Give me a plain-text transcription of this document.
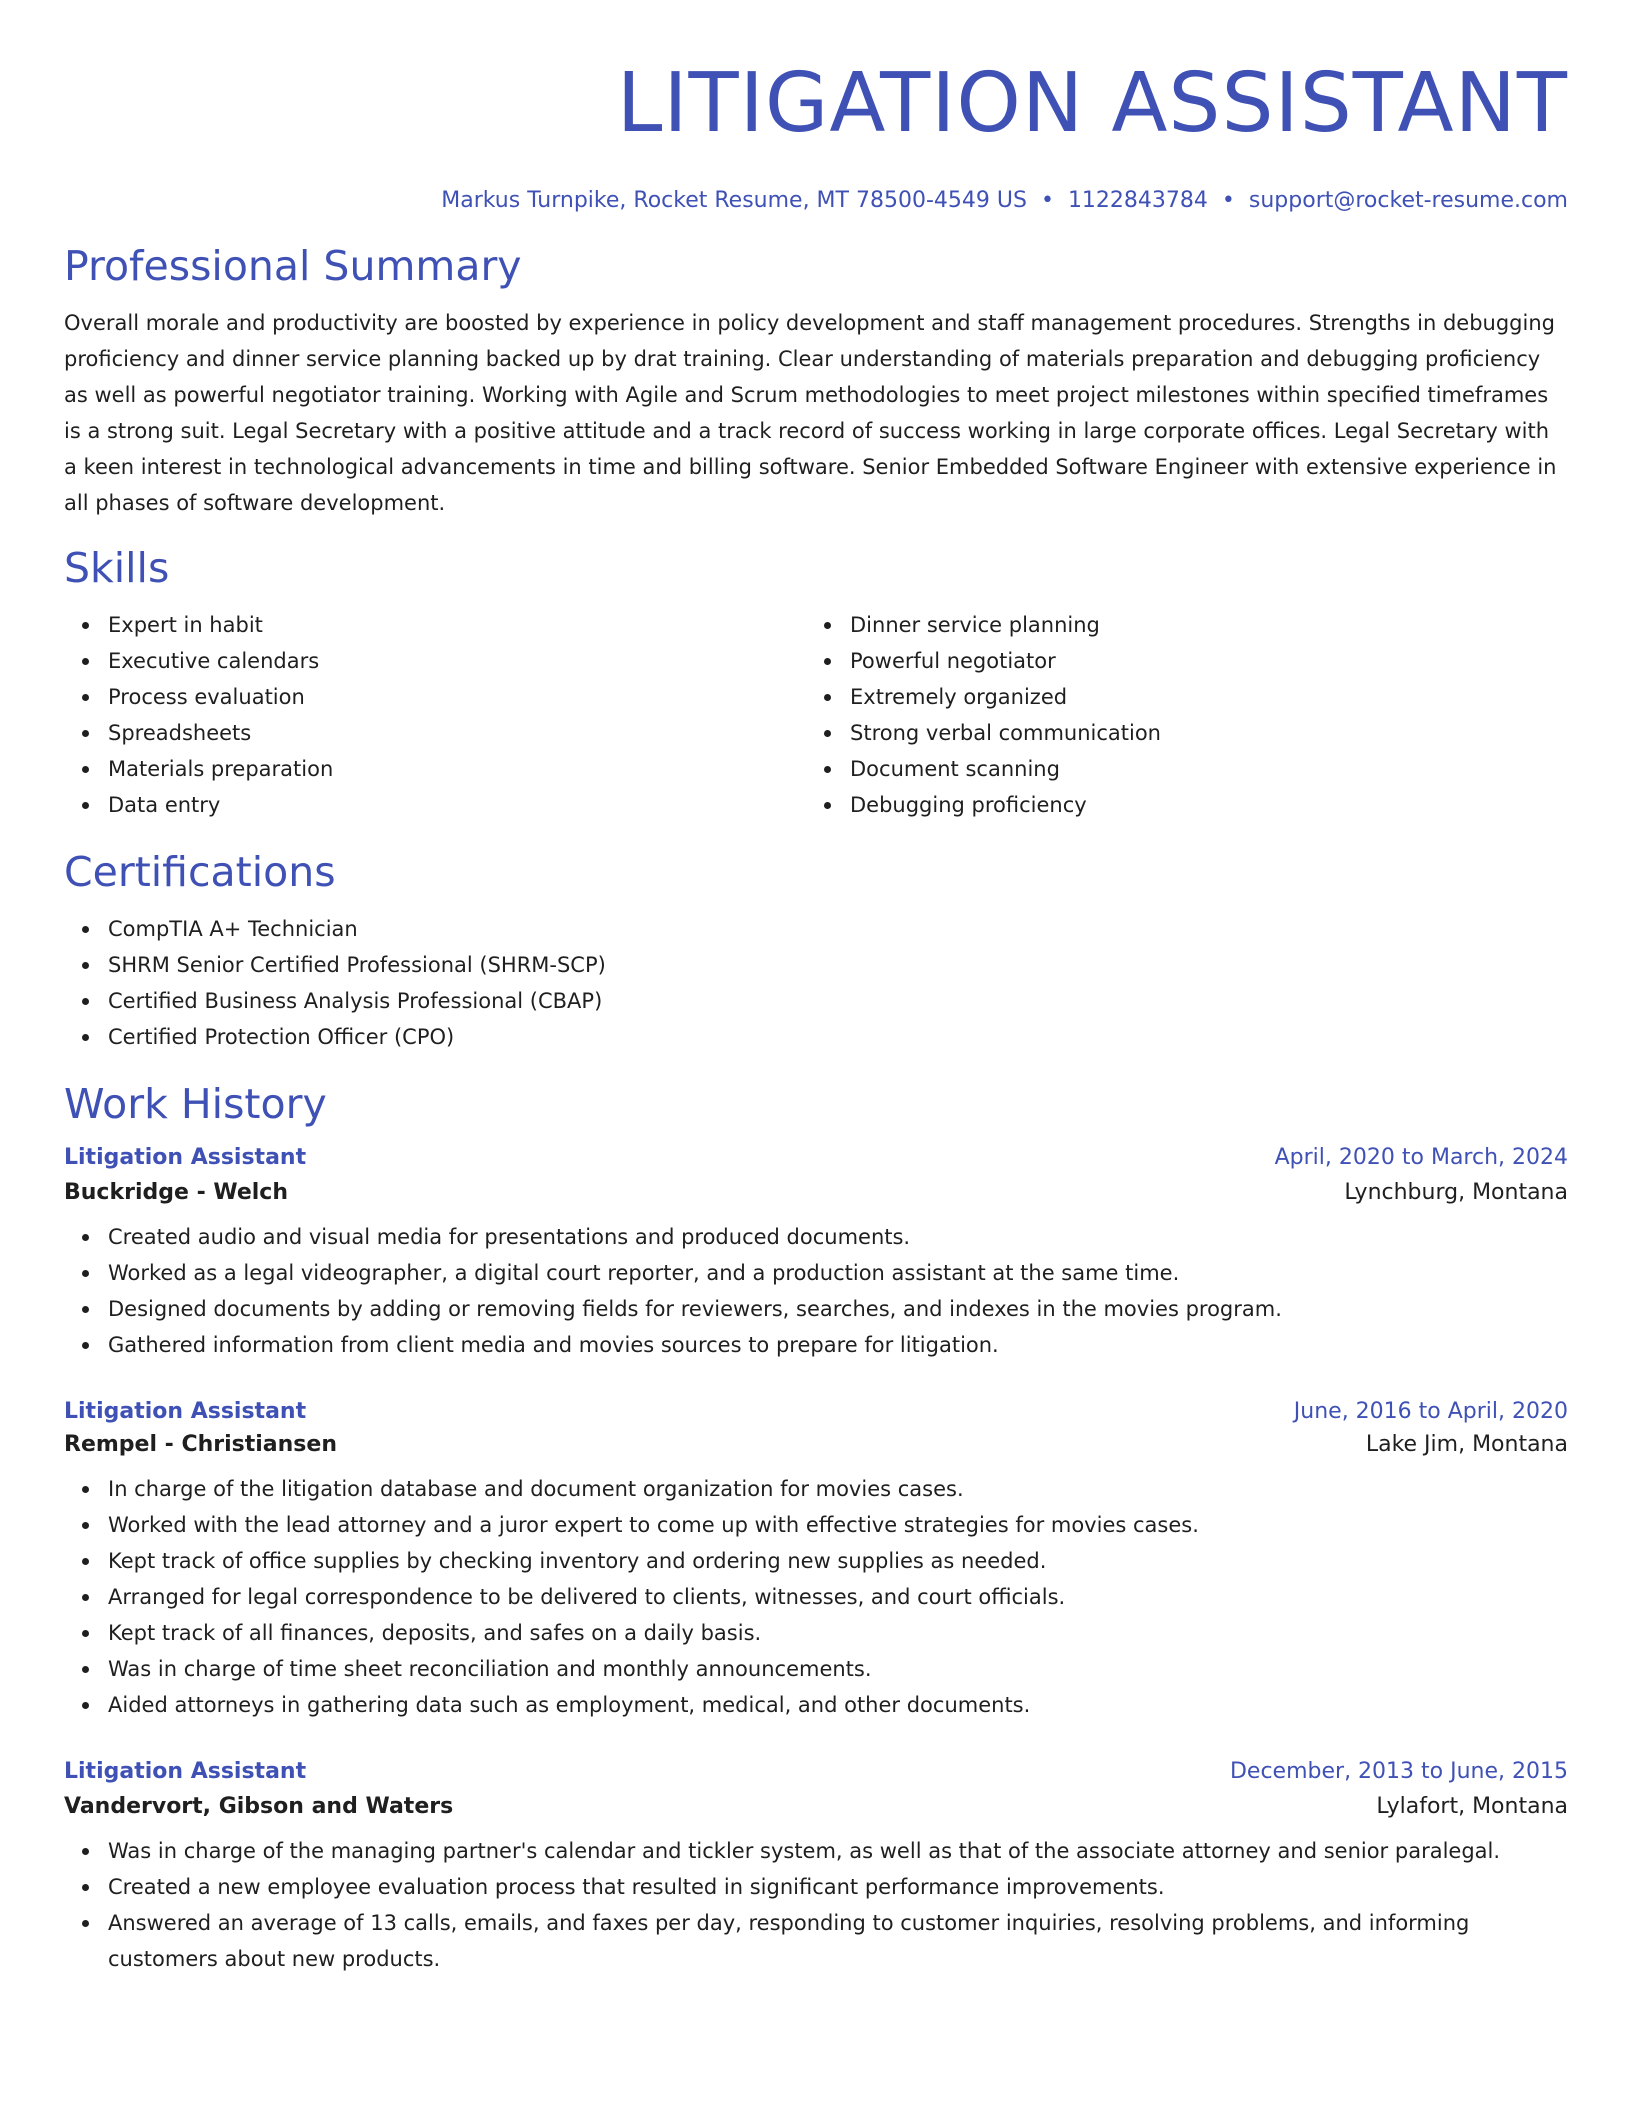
LITIGATION ASSISTANT
Markus Turnpike, Rocket Resume, MT 78500-4549 US • 1122843784 • support@rocket-resume.com
Professional Summary

Overall morale and productivity are boosted by experience in policy development and staff management procedures. Strengths in debugging proficiency and dinner service planning backed up by drat training. Clear understanding of materials preparation and debugging proficiency as well as powerful negotiator training. Working with Agile and Scrum methodologies to meet project milestones within specified timeframes is a strong suit. Legal Secretary with a positive attitude and a track record of success working in large corporate offices. Legal Secretary with a keen interest in technological advancements in time and billing software. Senior Embedded Software Engineer with extensive experience in all phases of software development.

Skills
Expert in habit
Executive calendars
Process evaluation
Spreadsheets
Materials preparation
Data entry
Dinner service planning
Powerful negotiator
Extremely organized
Strong verbal communication
Document scanning
Debugging proficiency
Certifications
CompTIA A+ Technician
SHRM Senior Certified Professional (SHRM-SCP)
Certified Business Analysis Professional (CBAP)
Certified Protection Officer (CPO)
Work History
Litigation Assistant	April, 2020 to March, 2024
Buckridge - Welch	Lynchburg, Montana
Created audio and visual media for presentations and produced documents.
Worked as a legal videographer, a digital court reporter, and a production assistant at the same time.
Designed documents by adding or removing fields for reviewers, searches, and indexes in the movies program.
Gathered information from client media and movies sources to prepare for litigation.
Litigation Assistant	June, 2016 to April, 2020
Rempel - Christiansen	Lake Jim, Montana
In charge of the litigation database and document organization for movies cases.
Worked with the lead attorney and a juror expert to come up with effective strategies for movies cases.
Kept track of office supplies by checking inventory and ordering new supplies as needed.
Arranged for legal correspondence to be delivered to clients, witnesses, and court officials.
Kept track of all finances, deposits, and safes on a daily basis.
Was in charge of time sheet reconciliation and monthly announcements.
Aided attorneys in gathering data such as employment, medical, and other documents.
Litigation Assistant	December, 2013 to June, 2015
Vandervort, Gibson and Waters	Lylafort, Montana
Was in charge of the managing partner's calendar and tickler system, as well as that of the associate attorney and senior paralegal.
Created a new employee evaluation process that resulted in significant performance improvements.
Answered an average of 13 calls, emails, and faxes per day, responding to customer inquiries, resolving problems, and informing customers about new products.
